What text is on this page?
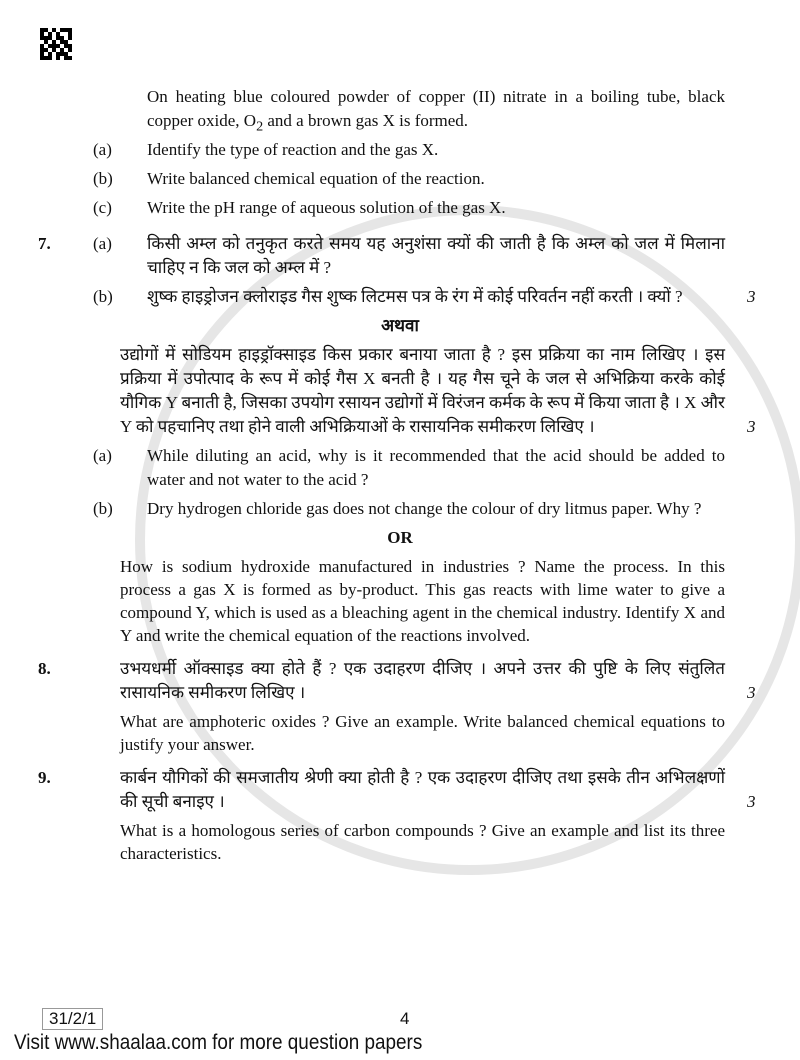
On heating blue coloured powder of copper (II) nitrate in a boiling tube, black copper oxide, $O_2$ and a brown gas X is formed.
(a)	Identify the type of reaction and the gas X.
(b)	Write balanced chemical equation of the reaction.
(c)	Write the pH range of aqueous solution of the gas X.
7.	(a)	किसी अम्ल को तनुकृत करते समय यह अनुशंसा क्यों की जाती है कि अम्ल को जल में मिलाना चाहिए न कि जल को अम्ल में ?
(b)	शुष्क हाइड्रोजन क्लोराइड गैस शुष्क लिटमस पत्र के रंग में कोई परिवर्तन नहीं करती । क्यों ?	3
अथवा
उद्योगों में सोडियम हाइड्रॉक्साइड किस प्रकार बनाया जाता है ? इस प्रक्रिया का नाम लिखिए । इस प्रक्रिया में उपोत्पाद के रूप में कोई गैस X बनती है । यह गैस चूने के जल से अभिक्रिया करके कोई यौगिक Y बनाती है, जिसका उपयोग रसायन उद्योगों में विरंजन कर्मक के रूप में किया जाता है । X और Y को पहचानिए तथा होने वाली अभिक्रियाओं के रासायनिक समीकरण लिखिए ।	3
(a)	While diluting an acid, why is it recommended that the acid should be added to water and not water to the acid ?
(b)	Dry hydrogen chloride gas does not change the colour of dry litmus paper. Why ?
OR
How is sodium hydroxide manufactured in industries ? Name the process. In this process a gas X is formed as by-product. This gas reacts with lime water to give a compound Y, which is used as a bleaching agent in the chemical industry. Identify X and Y and write the chemical equation of the reactions involved.
8.	उभयधर्मी ऑक्साइड क्या होते हैं ? एक उदाहरण दीजिए । अपने उत्तर की पुष्टि के लिए संतुलित रासायनिक समीकरण लिखिए ।	3
What are amphoteric oxides ? Give an example. Write balanced chemical equations to justify your answer.
9.	कार्बन यौगिकों की समजातीय श्रेणी क्या होती है ? एक उदाहरण दीजिए तथा इसके तीन अभिलक्षणों की सूची बनाइए ।	3
What is a homologous series of carbon compounds ? Give an example and list its three characteristics.
31/2/1	4
Visit www.shaalaa.com for more question papers
